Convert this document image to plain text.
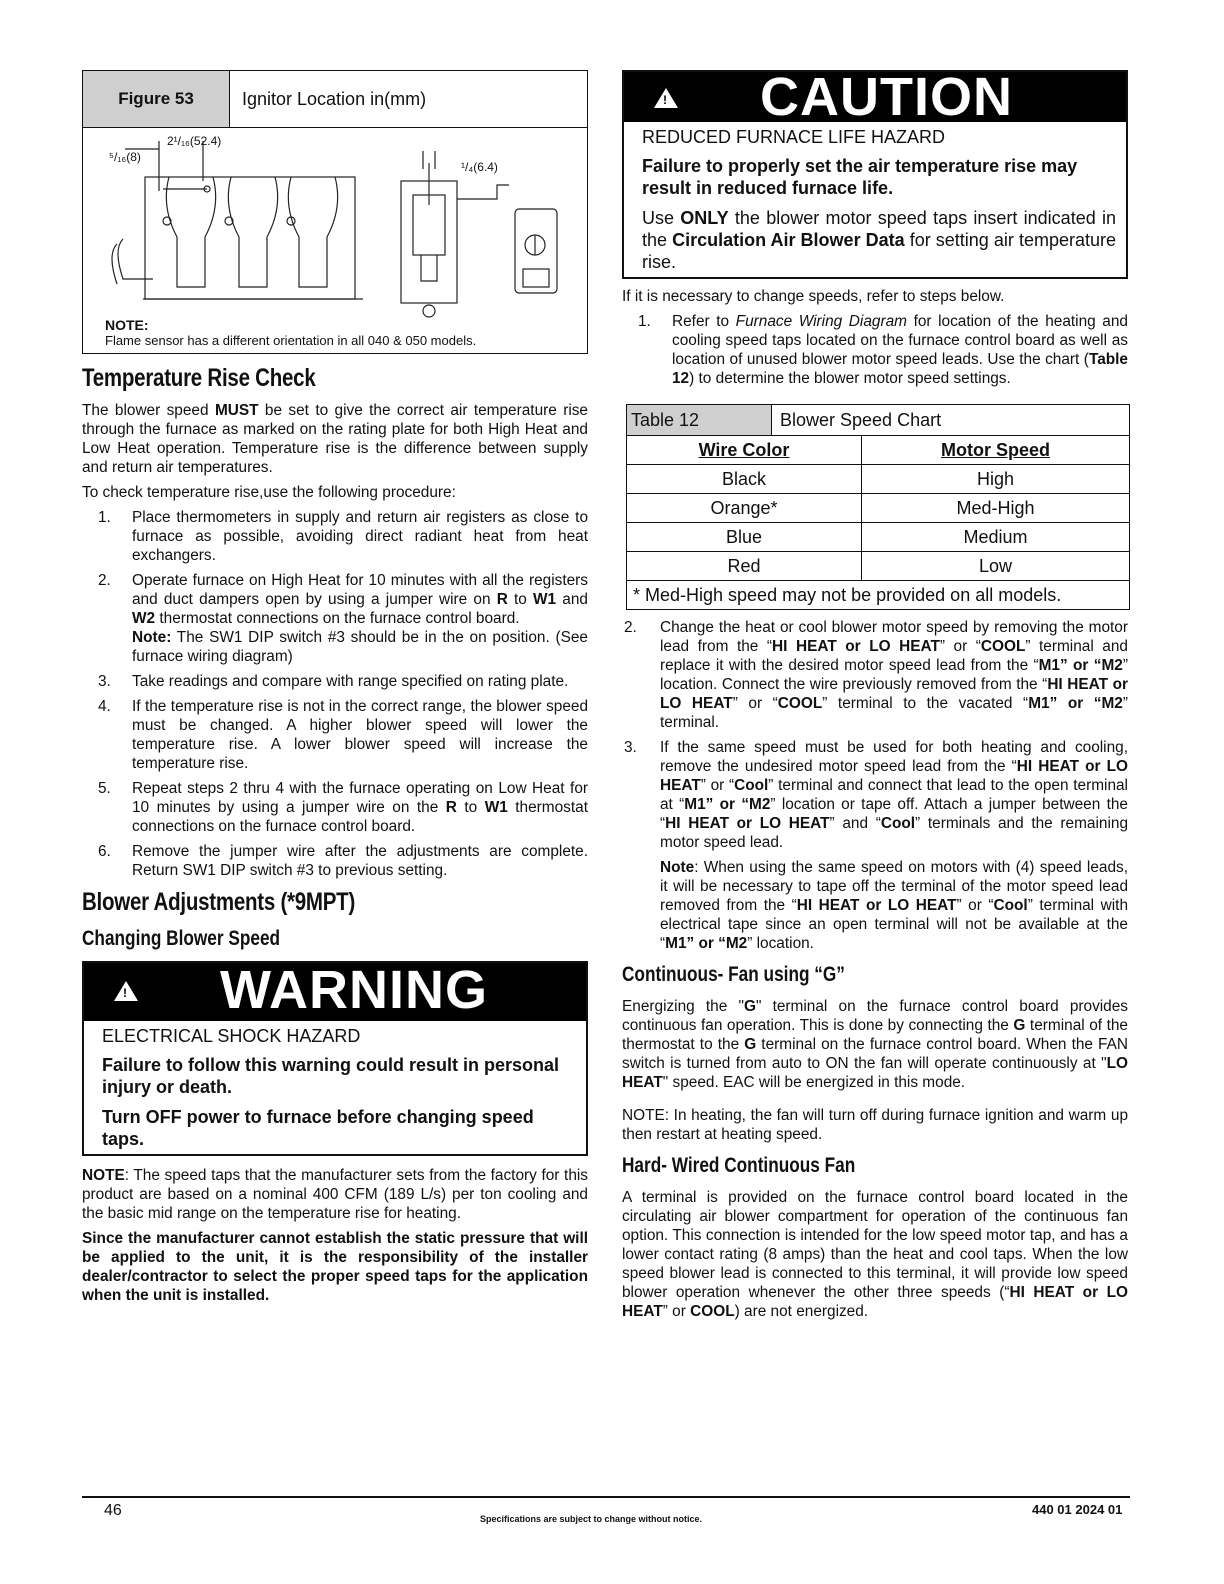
Figure 53	Ignitor Location in(mm)
2¹/₁₆(52.4)
⁵/₁₆(8)
¹/₄(6.4)
NOTE:
Flame sensor has a different orientation in all 040 & 050 models.
Temperature Rise Check

The blower speed MUST be set to give the correct air temperature rise through the furnace as marked on the rating plate for both High Heat and Low Heat operation. Temperature rise is the difference between supply and return air temperatures.

To check temperature rise,use the following procedure:

1. Place thermometers in supply and return air registers as close to furnace as possible, avoiding direct radiant heat from heat exchangers.
2. Operate furnace on High Heat for 10 minutes with all the registers and duct dampers open by using a jumper wire on R to W1 and W2 thermostat connections on the furnace control board.
Note: The SW1 DIP switch #3 should be in the on position. (See furnace wiring diagram)
3. Take readings and compare with range specified on rating plate.
4. If the temperature rise is not in the correct range, the blower speed must be changed. A higher blower speed will lower the temperature rise. A lower blower speed will increase the temperature rise.
5. Repeat steps 2 thru 4 with the furnace operating on Low Heat for 10 minutes by using a jumper wire on the R to W1 thermostat connections on the furnace control board.
6. Remove the jumper wire after the adjustments are complete. Return SW1 DIP switch #3 to previous setting.
Blower Adjustments (*9MPT)
Changing Blower Speed
! WARNING

ELECTRICAL SHOCK HAZARD

Failure to follow this warning could result in personal injury or death.

Turn OFF power to furnace before changing speed taps.

NOTE: The speed taps that the manufacturer sets from the factory for this product are based on a nominal 400 CFM (189 L/s) per ton cooling and the basic mid range on the temperature rise for heating.

Since the manufacturer cannot establish the static pressure that will be applied to the unit, it is the responsibility of the installer dealer/contractor to select the proper speed taps for the application when the unit is installed.

! CAUTION

REDUCED FURNACE LIFE HAZARD

Failure to properly set the air temperature rise may result in reduced furnace life.

Use ONLY the blower motor speed taps insert indicated in the Circulation Air Blower Data for setting air temperature rise.

If it is necessary to change speeds, refer to steps below.

1. Refer to Furnace Wiring Diagram for location of the heating and cooling speed taps located on the furnace control board as well as location of unused blower motor speed leads. Use the chart (Table 12) to determine the blower motor speed settings.
Table 12	Blower Speed Chart
Wire Color	Motor Speed
Black	High
Orange*	Med-High
Blue	Medium
Red	Low
* Med-High speed may not be provided on all models.
2. Change the heat or cool blower motor speed by removing the motor lead from the “HI HEAT or LO HEAT” or “COOL” terminal and replace it with the desired motor speed lead from the “M1” or “M2” location. Connect the wire previously removed from the “HI HEAT or LO HEAT” or “COOL” terminal to the vacated “M1” or “M2” terminal.
3. If the same speed must be used for both heating and cooling, remove the undesired motor speed lead from the “HI HEAT or LO HEAT” or “Cool” terminal and connect that lead to the open terminal at “M1” or “M2” location or tape off. Attach a jumper between the “HI HEAT or LO HEAT” and “Cool” terminals and the remaining motor speed lead.
Note: When using the same speed on motors with (4) speed leads, it will be necessary to tape off the terminal of the motor speed lead removed from the “HI HEAT or LO HEAT” or “Cool” terminal with electrical tape since an open terminal will not be available at the “M1” or “M2” location.
Continuous- Fan using “G”

Energizing the "G" terminal on the furnace control board provides continuous fan operation. This is done by connecting the G terminal of the thermostat to the G terminal on the furnace control board. When the FAN switch is turned from auto to ON the fan will operate continuously at "LO HEAT" speed. EAC will be energized in this mode.

NOTE: In heating, the fan will turn off during furnace ignition and warm up then restart at heating speed.

Hard- Wired Continuous Fan

A terminal is provided on the furnace control board located in the circulating air blower compartment for operation of the continuous fan option. This connection is intended for the low speed motor tap, and has a lower contact rating (8 amps) than the heat and cool taps. When the low speed blower lead is connected to this terminal, it will provide low speed blower operation whenever the other three speeds (“HI HEAT or LO HEAT” or COOL) are not energized.

46	Specifications are subject to change without notice.
440 01 2024 01
